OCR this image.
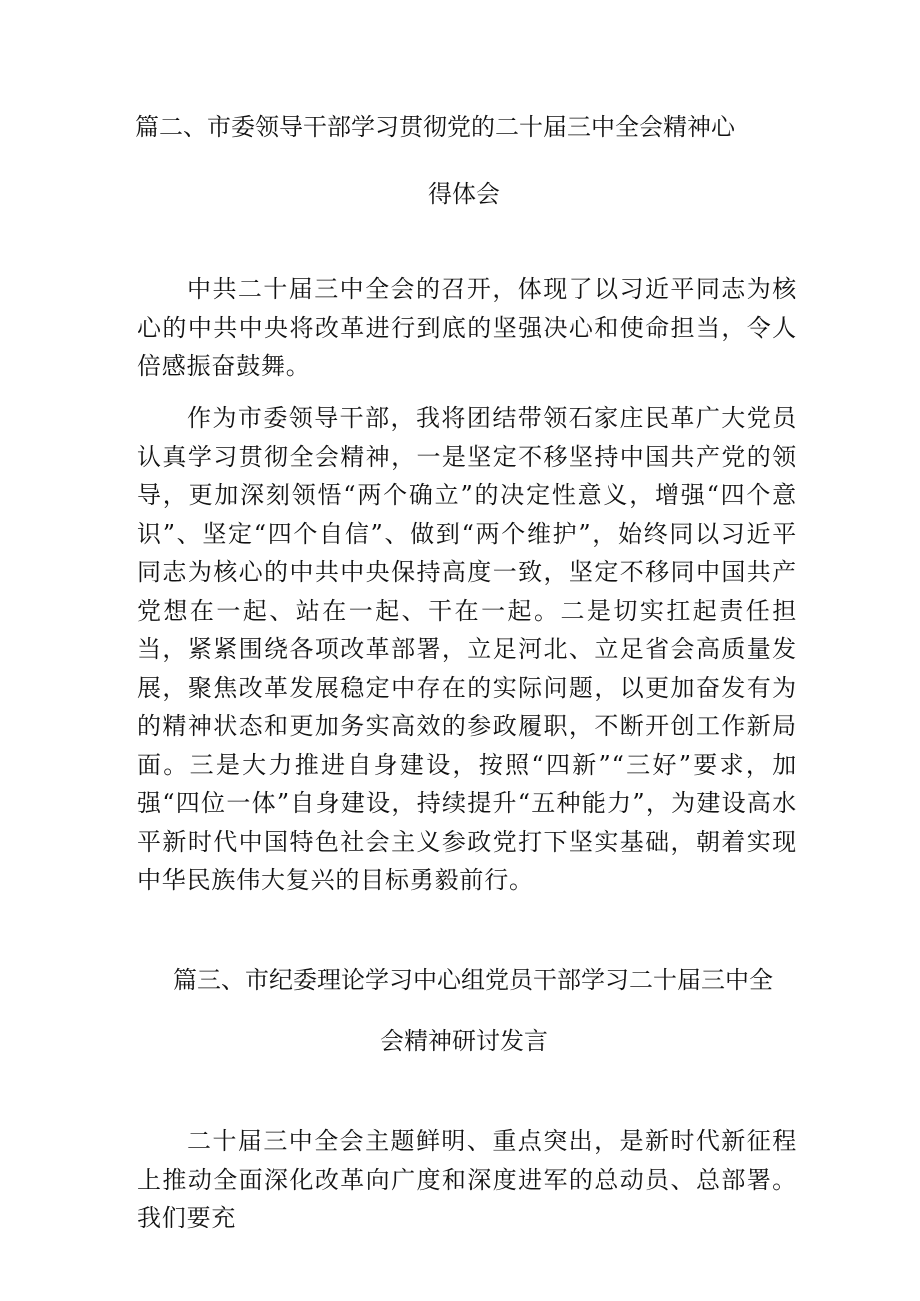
篇二、市委领导干部学习贯彻党的二十届三中全会精神心
得体会

中共二十届三中全会的召开，体现了以习近平同志为核心的中共中央将改革进行到底的坚强决心和使命担当，令人倍感振奋鼓舞。

作为市委领导干部，我将团结带领石家庄民革广大党员认真学习贯彻全会精神，一是坚定不移坚持中国共产党的领导，更加深刻领悟“两个确立”的决定性意义，增强“四个意识”、坚定“四个自信”、做到“两个维护”，始终同以习近平同志为核心的中共中央保持高度一致，坚定不移同中国共产党想在一起、站在一起、干在一起。二是切实扛起责任担当，紧紧围绕各项改革部署，立足河北、立足省会高质量发展，聚焦改革发展稳定中存在的实际问题，以更加奋发有为的精神状态和更加务实高效的参政履职，不断开创工作新局面。三是大力推进自身建设，按照“四新”“三好”要求，加强“四位一体”自身建设，持续提升“五种能力”，为建设高水平新时代中国特色社会主义参政党打下坚实基础，朝着实现中华民族伟大复兴的目标勇毅前行。

篇三、市纪委理论学习中心组党员干部学习二十届三中全
会精神研讨发言

二十届三中全会主题鲜明、重点突出，是新时代新征程上推动全面深化改革向广度和深度进军的总动员、总部署。我们要充
